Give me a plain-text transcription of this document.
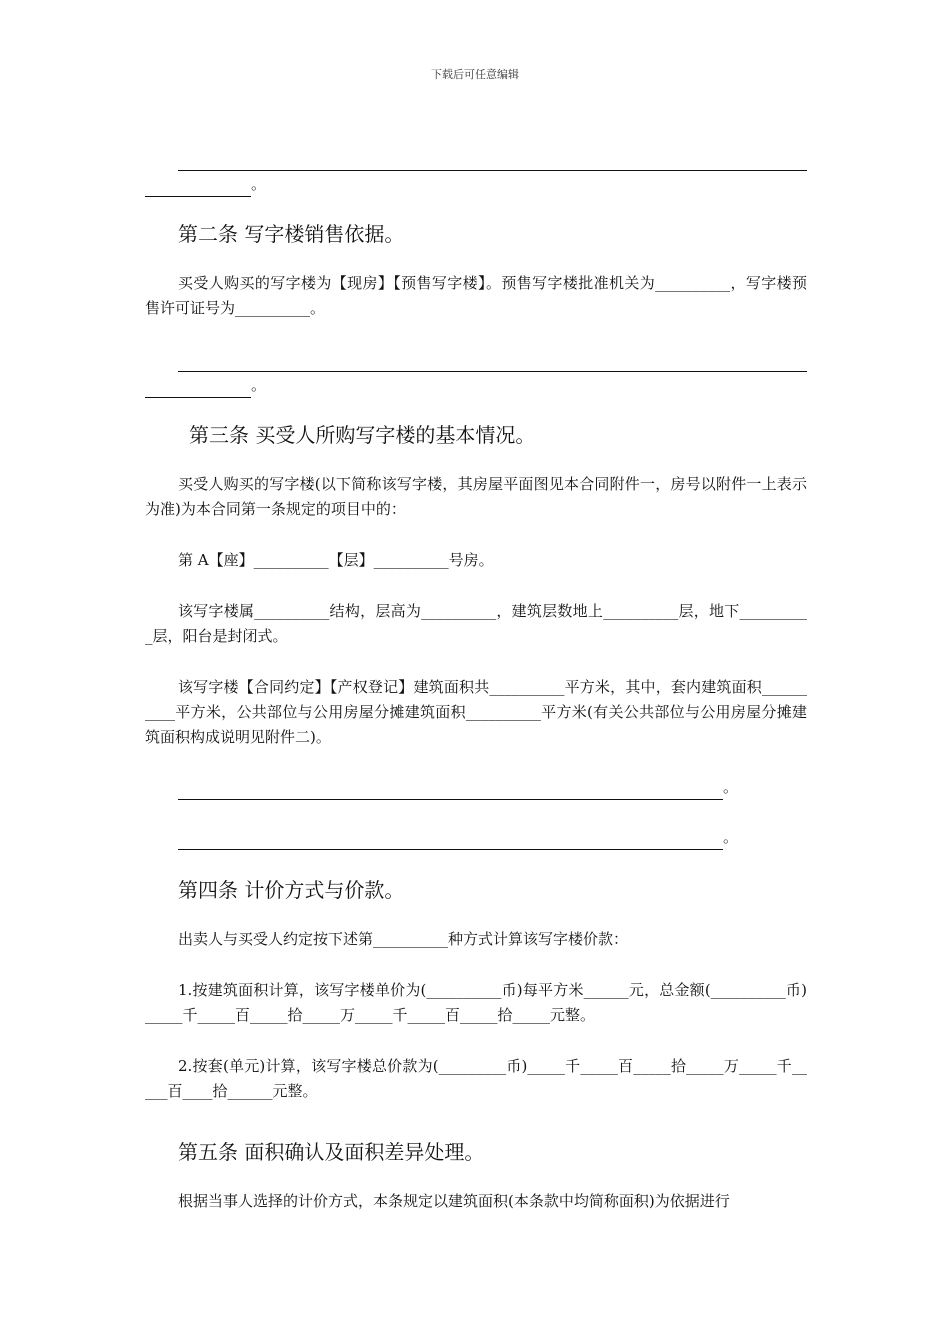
下载后可任意编辑
。

第二条 写字楼销售依据。

买受人购买的写字楼为【现房】【预售写字楼】。预售写字楼批准机关为__________，写字楼预售许可证号为__________。

。

第三条 买受人所购写字楼的基本情况。

买受人购买的写字楼(以下简称该写字楼，其房屋平面图见本合同附件一，房号以附件一上表示为准)为本合同第一条规定的项目中的：

第 A【座】__________【层】__________号房。

该写字楼属__________结构，层高为__________，建筑层数地上__________层，地下__________层，阳台是封闭式。

该写字楼【合同约定】【产权登记】建筑面积共__________平方米，其中，套内建筑面积__________平方米，公共部位与公用房屋分摊建筑面积__________平方米(有关公共部位与公用房屋分摊建筑面积构成说明见附件二)。

。
。

第四条 计价方式与价款。

出卖人与买受人约定按下述第__________种方式计算该写字楼价款：

1.按建筑面积计算，该写字楼单价为(__________币)每平方米______元，总金额(__________币)_____千_____百_____拾_____万_____千_____百_____拾_____元整。

2.按套(单元)计算，该写字楼总价款为(_________币)_____千_____百_____拾_____万_____千_____百____拾______元整。

第五条 面积确认及面积差异处理。

根据当事人选择的计价方式，本条规定以建筑面积(本条款中均简称面积)为依据进行
